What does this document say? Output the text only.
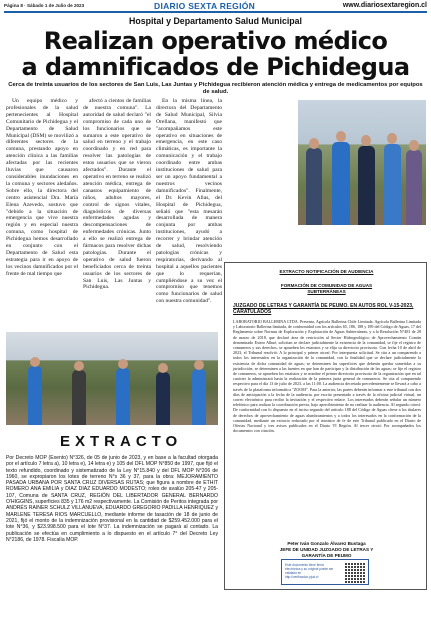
Página 8 · Sábado 1 de Julio de 2023	DIARIO SEXTA REGIÓN	www.diariosextaregion.cl
Hospital y Departamento Salud Municipal
Realizan operativo médico
a damnificados de Pichidegua
Cerca de treinta usuarios de los sectores de San Luis, Las Juntas y Pichidegua recibieron atención médica y entrega de medicamentos por equipos de salud.

Un equipo médico y profesionales de la salud pertenecientes al Hospital Comunitario de Pichidegua y el Departamento de Salud Municipal (DSM) se movilizó a diferentes sectores de la comuna, prestando apoyo en atención clínica a las familias afectadas por las recientes lluvias que causaron considerables inundaciones en la comuna y sectores aledaños. Sobre ello, la directora del centro asistencial Dra. María Elena Azevedo, sostuvo que "debido a la situación de emergencia que vive nuestra región y en especial nuestra comuna, como hospital de Pichidegua hemos desarrollado en conjunto con el Departamento de Salud esta estrategia para ir en apoyo de los vecinos damnificados por el frente de mal tiempo que

afectó a cientos de familias de nuestra comuna". La autoridad de salud declaró "el compromiso de cada uno de los funcionarios que se sumaron a este operativo de salud en terreno y el trabajo coordinado y en red para resolver las patologías de estos usuarios que se vieron afectados". Durante el operativo en terreno se realizó atención médica, entrega de canastos equipamiento de niños, adultos mayores, control de signos vitales, diagnósticos de diversas enfermedades agudas y descompensaciones de enfermedades crónicas. Junto a ello se realizó entrega de fármacos para resolver dichas patologías. Durante el operativo de salud fueron beneficiados cerca de treinta usuarios de los sectores de San Luis, Las Juntas y Pichidegua.

En la misma línea, la directora del Departamento de Salud Municipal, Silvia Orellana, manifestó que "acompañamos este operativo en situaciones de emergencia, en este caso climáticas, es importante la comunicación y el trabajo coordinado entre ambas instituciones de salud para ser un apoyo fundamental a nuestros vecinos damnificados". Finalmente, el Dr. Kevin Allas, del Hospital de Pichidegua, señaló que "esta mesarán desarrollada de manera conjunta por ambas instituciones, ayudó a recorrer y brindar atención de salud, resolviendo patologías crónicas y respiratorias, derivando al hospital a aquellos pacientes que lo requerían, cumpliéndose a su vez el compromiso que tenemos como funcionarios de salud con nuestra comunidad".

EXTRACTO NOTIFICACIÓN DE AUDIENCIA
FORMACIÓN DE COMUNIDAD DE AGUAS
SUBTERRÁNEAS
JUZGADO DE LETRAS Y GARANTÍA DE PEUMO. EN AUTOS ROL V-15-2023, CARATULADOS
LABORATORIO BALLERINA LTDA. Presenta, Agrícola Ballerina Chile Limitada, Agrícola Ballerina Limitada y Laboratorio Ballerina limitada, de conformidad con los artículos 65, 186, 188 y 189 del Código de Aguas, 17 del Reglamento sobre Normas de Exploración y Explotación de Aguas Subterráneas, y a la Resolución N°481 de 28 de marzo de 2018, que declaró área de restricción al Sector Hidrogeológico de Aprovechamiento Común denominado Estero Alhué, solicitan se declare judicialmente la existencia de la comunidad, se fije el registro de comuneros y sus derechos, se aprueben los estatutos y se elija su directorio provisorio. Con fecha 10 de abril de 2023, el Tribunal resolvió: A lo principal y primer otrosí: Por interpuesta solicitud. Se cita a un comparendo a todos los interesados en la organización de la comunidad, con la finalidad que se declare judicialmente la existencia de dicha comunidad de aguas; se determinen las superficies que deberán quedar sometidas a su jurisdicción; se determinen a las fuentes en que han de participar y la distribución de las aguas; se fije el registro de comuneros, se aprueben los estatutos y se nombre el primer directorio provisorio de la organización que en tal carácter la administrará hasta la realización de la primera junta general de comuneros. Se cita al comparendo respectivo para el día 13 de julio de 2023, a las 11:00. La audiencia decretada precedentemente se llevará a cabo a través de la plataforma informática "ZOOM". Para la anterior, las partes deberán informar a este tribunal con dos días de anticipación a la fecha de la audiencia, por escrito presentado a través de la oficina judicial virtual, un correo electrónico para recibir la invitación y el respectivo enlace. Los interesados deberán señalar un número telefónico para realizar la coordinación previa, bajo apercibimiento de no realizar la audiencia. Al segundo otrosí: De conformidad con lo dispuesto en el inciso segundo del artículo 188 del Código de Aguas cítese a los titulares de derechos de aprovechamiento de aguas alumbramientos y a todos los interesados en la conformación de la comunidad, mediante un extracto redactado por el ministro de fe de este Tribunal publicado en el Diario de Ofertas Nacional y tres avisos publicados en el Diario VI Región. Al tercer otrosí: Por acompañados los documentos con citación.
Peter Iván Gonzalo Álvarez Bustaga
JEFE DE UNIDAD JUZGADO DE LETRAS Y
GARANTÍA DE PEUMO
Este documento tiene firma electrónica y su original puede ser validado en http://verificadoc.pjud.cl
EXTRACTO
Por Decreto MOP (Exento) N°326, de 05 de junio de 2023, y en base a la facultad otorgada por el artículo 7 letra a), 10 letra e), 14 letra e) y 105 del DFL MOP N°850 de 1997, que fijó el texto refundido, coordinado y sistematizado de la Ley N°15.840 y del DFL MOP N°206 de 1960, se expropiaron los lotes de terreno N°s 36 y 37, para la obra: MEJORAMIENTO PASADA URBANA POR SANTA CRUZ DIVERSAS RUTAS; que figura a nombre de ETHIT ROMERO ANA EMILIA y DIAZ DIAZ EDUARDO MODESTO; roles de avalúo 205-47 y 205-107, Comuna de SANTA CRUZ, REGIÓN DEL LIBERTADOR GENERAL BERNARDO O'HIGGINS, superficies 835 y 176 m2 respectivamente. La Comisión de Peritos integrada por ANDRÉS RAINER SCHULZ VILLANUEVA, EDUARDO GREGORIO PADILLA HENRIQUEZ y MARLENE TERESA RIOS MARCUELLO, mediante informe de tasación de 18 de junio de 2021, fijó el monto de la indemnización provisional en la cantidad de $259.452.000 para el lote N°36, y $23.998.500 para el lote N°37. La indemnización se pagará al contado. La publicación se efectúa en cumplimiento a lo dispuesto en el artículo 7° del Decreto Ley N°2186, de 1978. Fiscalía MOP.
